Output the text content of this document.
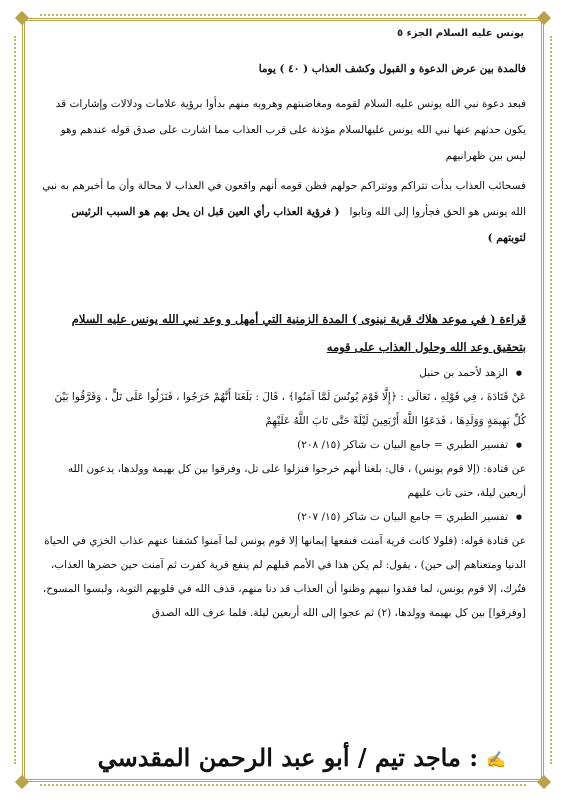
يونس عليه السلام الجزء ٥
فالمدة بين عرض الدعوة و القبول وكشف العذاب ( ٤٠ ) يوما

فبعد دعوة نبي الله يونس عليه السلام لقومه ومغاضبتهم وهروبه منهم بدأ‌وا برؤية علامات ودلالات وإشارات قد يكون حدثهم عنها نبي الله يونس عليهالسلام مؤذنة على قرب العذاب مما اشارت على صدق قوله عندهم وهو ليس بين ظهرانيهم

فسحائب العذاب بدأت تتراكم ووتتراكم حولهم فظن قومه أنهم واقعون في العذاب لا محالة وأن ما أخبرهم به نبي الله يونس هو الحق فجأروا إلى الله وتابوا   ( فرؤية العذاب رأي العين قبل ان يحل بهم هو السبب الرئيس لتوبتهم )

قراءة ( في موعد هلاك قرية نينوى ) المدة الزمنية التي أمهل و وعد نبي الله يونس عليه السلام بتحقيق وعد الله وحلول العذاب على قومه
● الزهد لأحمد بن حنبل
عَنْ قَتَادَةَ ، فِي قَوْلِهِ ، تَعَالَى : ﴿إِلَّا قَوْمَ يُونُسَ لَمَّا آمَنُوا﴾ ، قَالَ : بَلَغَنَا أَنَّهُمْ خَرَجُوا ، فَنَزَلُوا عَلَى تَلٍّ ، وَفَرَّقُوا بَيْنَ كُلِّ بَهِيمَةٍ وَوَلَدِهَا ، فَدَعَوُا اللَّهَ أَرْبَعِينَ لَيْلَةً حَتَّى تَابَ اللَّهُ عَلَيْهِمْ
● تفسير الطبري = جامع البيان ت شاكر (١٥/ ٢٠٨)
عن قتادة: (إلا قوم يونس) ، قال: بلغنا أنهم خرجوا فنزلوا على تل، وفرقوا بين كل بهيمة وولدها، يدعون الله أربعين ليلة، حتى تاب عليهم
● تفسير الطبري = جامع البيان ت شاكر (١٥/ ٢٠٧)
عن قتادة قوله: (فلولا كانت قرية آمنت فنفعها إيمانها إلا قوم يونس لما آمنوا كشفنا عنهم عذاب الخزي في الحياة الدنيا ومتعناهم إلى حين) ، يقول: لم يكن هذا في الأمم قبلهم لم ينفع قرية كفرت ثم آمنت حين حضرها العذاب، فتُرك، إلا قوم يونس، لما فقدوا نبيهم وظنوا أن العذاب قد دنا منهم، قذف الله في قلوبهم التوبة، ولبسوا المسوح، [وفرقوا] بين كل بهيمة وولدها، (٢) ثم عجوا إلى الله أربعين ليلة. فلما عرف الله الصدق
✍: ماجد تيم / أبو عبد الرحمن المقدسي
